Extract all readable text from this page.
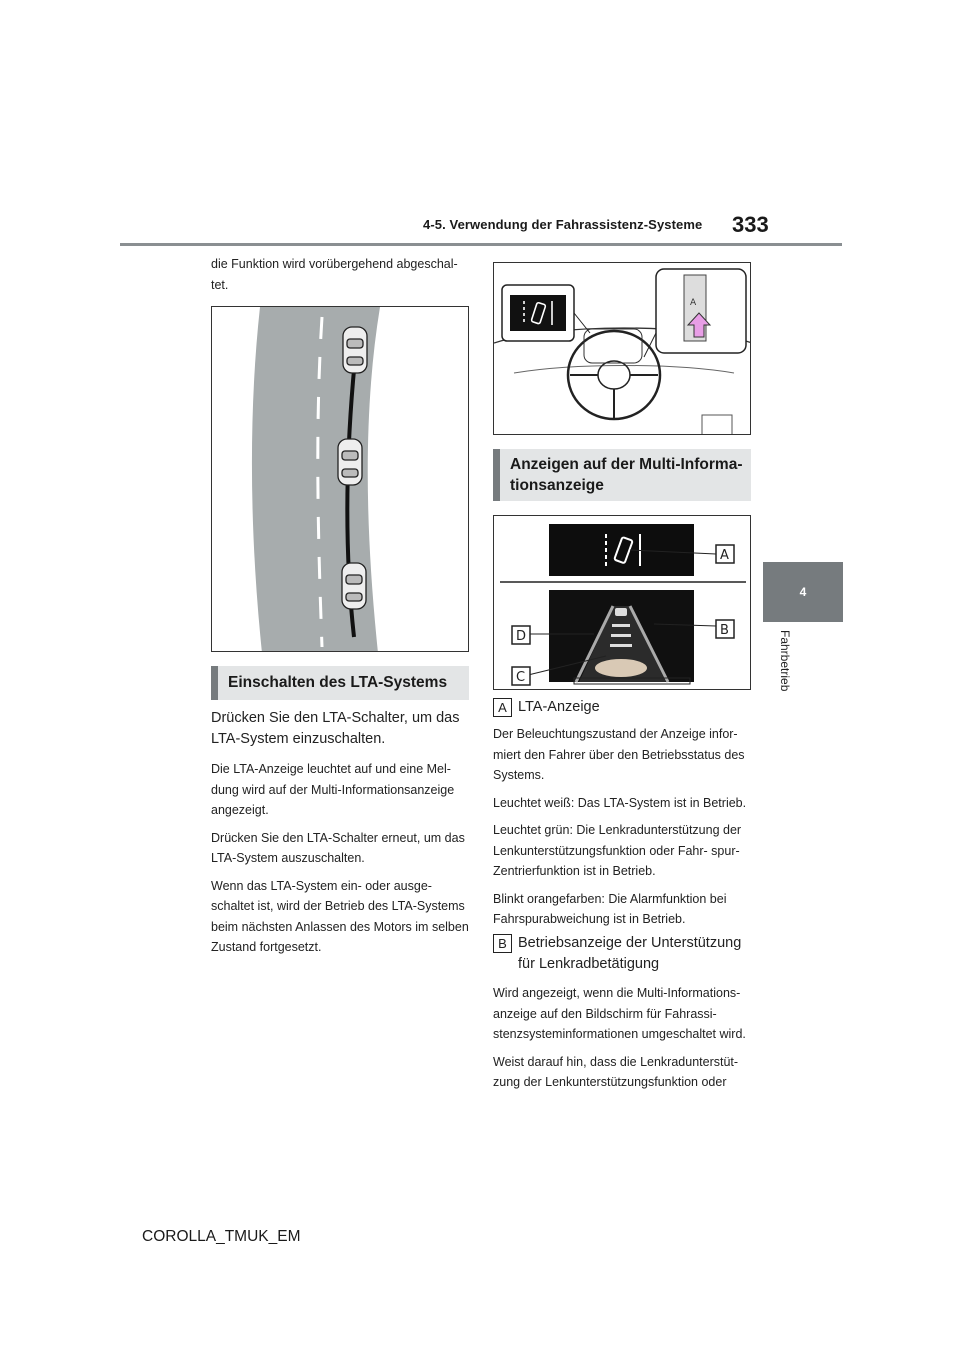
4-5. Verwendung der Fahrassistenz-Systeme 333
4
Fahrbetrieb
die Funktion wird vorübergehend abgeschal- tet.
Einschalten des LTA-Systems

Drücken Sie den LTA-Schalter, um das LTA-System einzuschalten.

Die LTA-Anzeige leuchtet auf und eine Mel- dung wird auf der Multi-Informationsanzeige angezeigt.

Drücken Sie den LTA-Schalter erneut, um das LTA-System auszuschalten.

Wenn das LTA-System ein- oder ausge- schaltet ist, wird der Betrieb des LTA-Systems beim nächsten Anlassen des Motors im selben Zustand fortgesetzt.

A
Anzeigen auf der Multi-Informa- tionsanzeige
A
B
C
D

A LTA-Anzeige

Der Beleuchtungszustand der Anzeige infor- miert den Fahrer über den Betriebsstatus des Systems.

Leuchtet weiß: Das LTA-System ist in Betrieb.

Leuchtet grün: Die Lenkradunterstützung der Lenkunterstützungsfunktion oder Fahr- spur-Zentrierfunktion ist in Betrieb.

Blinkt orangefarben: Die Alarmfunktion bei Fahrspurabweichung ist in Betrieb.

B Betriebsanzeige der Unterstützung für Lenkradbetätigung

Wird angezeigt, wenn die Multi-Informations- anzeige auf den Bildschirm für Fahrassi- stenzsysteminformationen umgeschaltet wird.

Weist darauf hin, dass die Lenkradunterstüt- zung der Lenkunterstützungsfunktion oder

COROLLA_TMUK_EM
